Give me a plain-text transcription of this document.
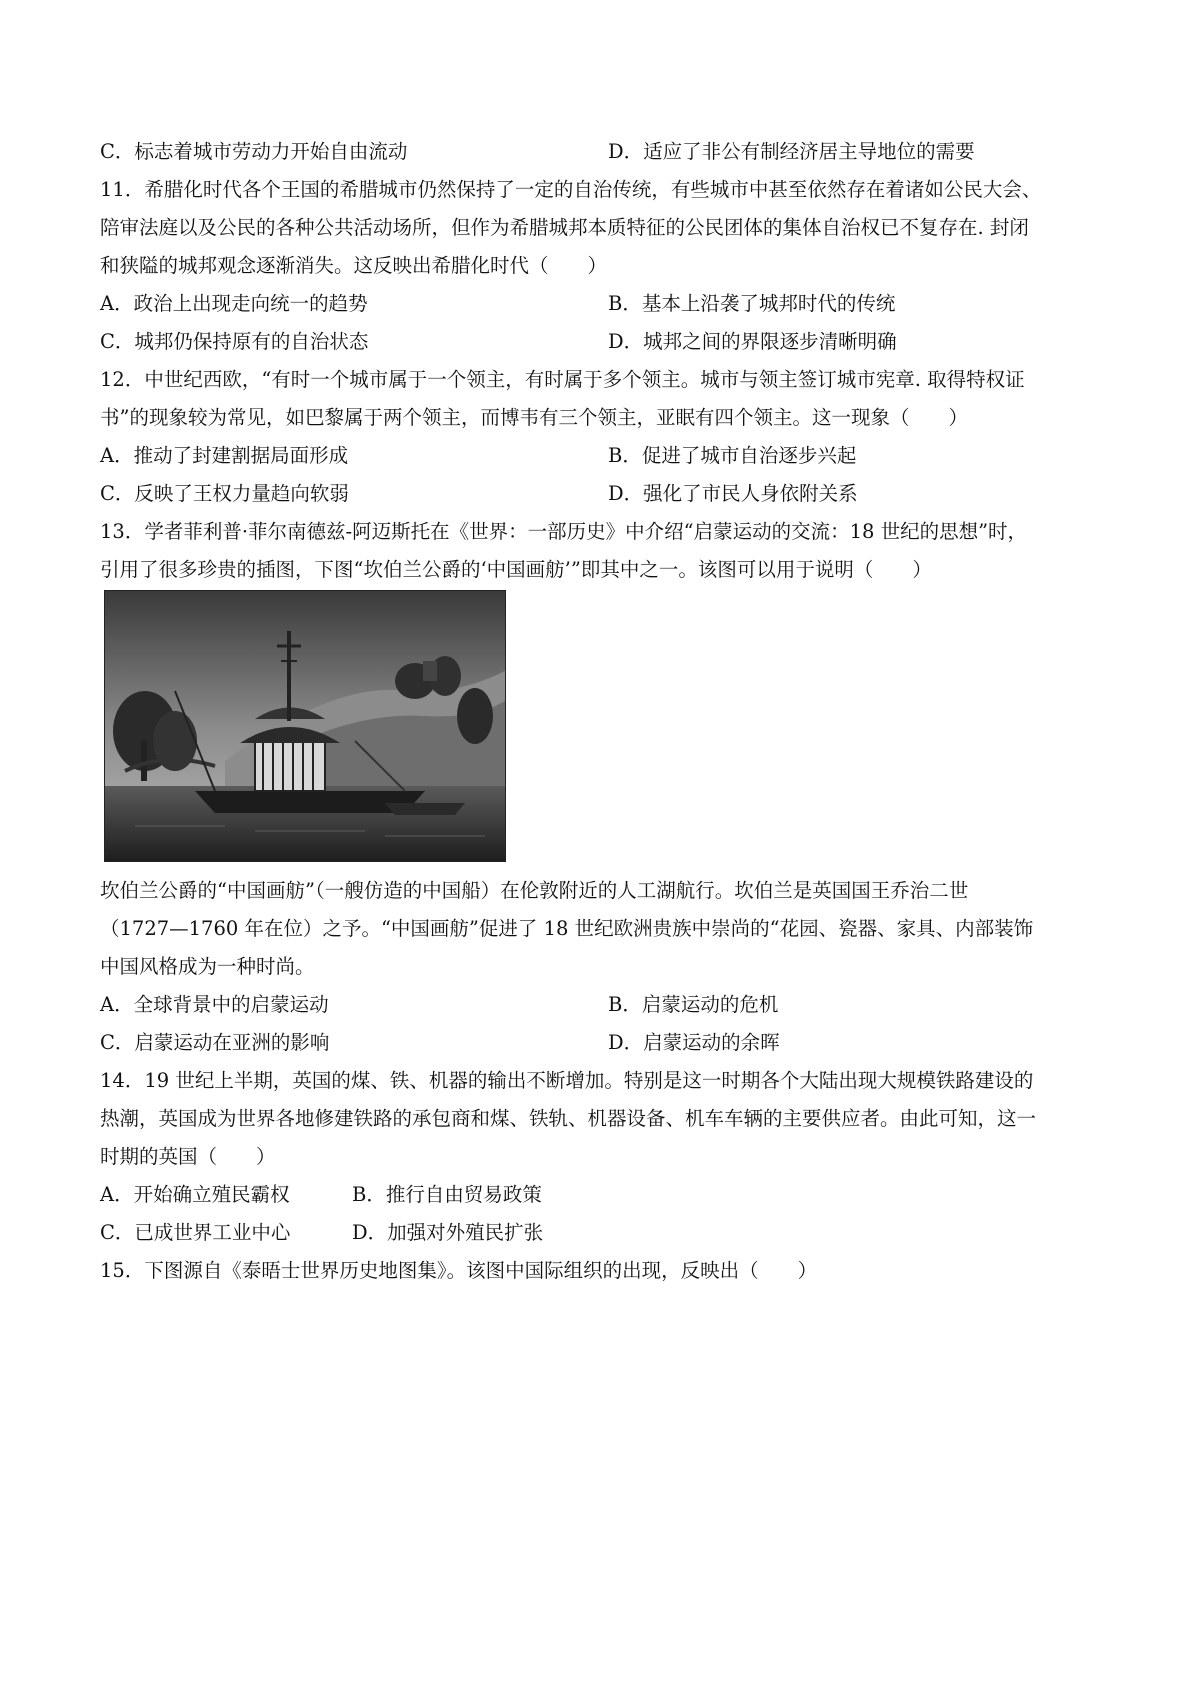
C．标志着城市劳动力开始自由流动	D．适应了非公有制经济居主导地位的需要
11．希腊化时代各个王国的希腊城市仍然保持了一定的自治传统，有些城市中甚至依然存在着诸如公民大会、
陪审法庭以及公民的各种公共活动场所，但作为希腊城邦本质特征的公民团体的集体自治权已不复存在. 封闭
和狭隘的城邦观念逐渐消失。这反映出希腊化时代（　　）
A．政治上出现走向统一的趋势	B．基本上沿袭了城邦时代的传统
C．城邦仍保持原有的自治状态	D．城邦之间的界限逐步清晰明确
12．中世纪西欧，“有时一个城市属于一个领主，有时属于多个领主。城市与领主签订城市宪章. 取得特权证
书”的现象较为常见，如巴黎属于两个领主，而博韦有三个领主，亚眠有四个领主。这一现象（　　）
A．推动了封建割据局面形成	B．促进了城市自治逐步兴起
C．反映了王权力量趋向软弱	D．强化了市民人身依附关系
13．学者菲利普·菲尔南德兹-阿迈斯托在《世界：一部历史》中介绍“启蒙运动的交流：18 世纪的思想”时，
引用了很多珍贵的插图，下图“坎伯兰公爵的‘中国画舫’”即其中之一。该图可以用于说明（　　）
坎伯兰公爵的“中国画舫”（一艘仿造的中国船）在伦敦附近的人工湖航行。坎伯兰是英国国王乔治二世
（1727—1760 年在位）之予。“中国画舫”促进了 18 世纪欧洲贵族中崇尚的“花园、瓷器、家具、内部装饰
中国风格成为一种时尚。
A．全球背景中的启蒙运动	B．启蒙运动的危机
C．启蒙运动在亚洲的影响	D．启蒙运动的余晖
14．19 世纪上半期，英国的煤、铁、机器的输出不断增加。特别是这一时期各个大陆出现大规模铁路建设的
热潮，英国成为世界各地修建铁路的承包商和煤、铁轨、机器设备、机车车辆的主要供应者。由此可知，这一
时期的英国（　　）
A．开始确立殖民霸权	B．推行自由贸易政策
C．已成世界工业中心	D．加强对外殖民扩张
15．下图源自《泰晤士世界历史地图集》。该图中国际组织的出现，反映出（　　）
